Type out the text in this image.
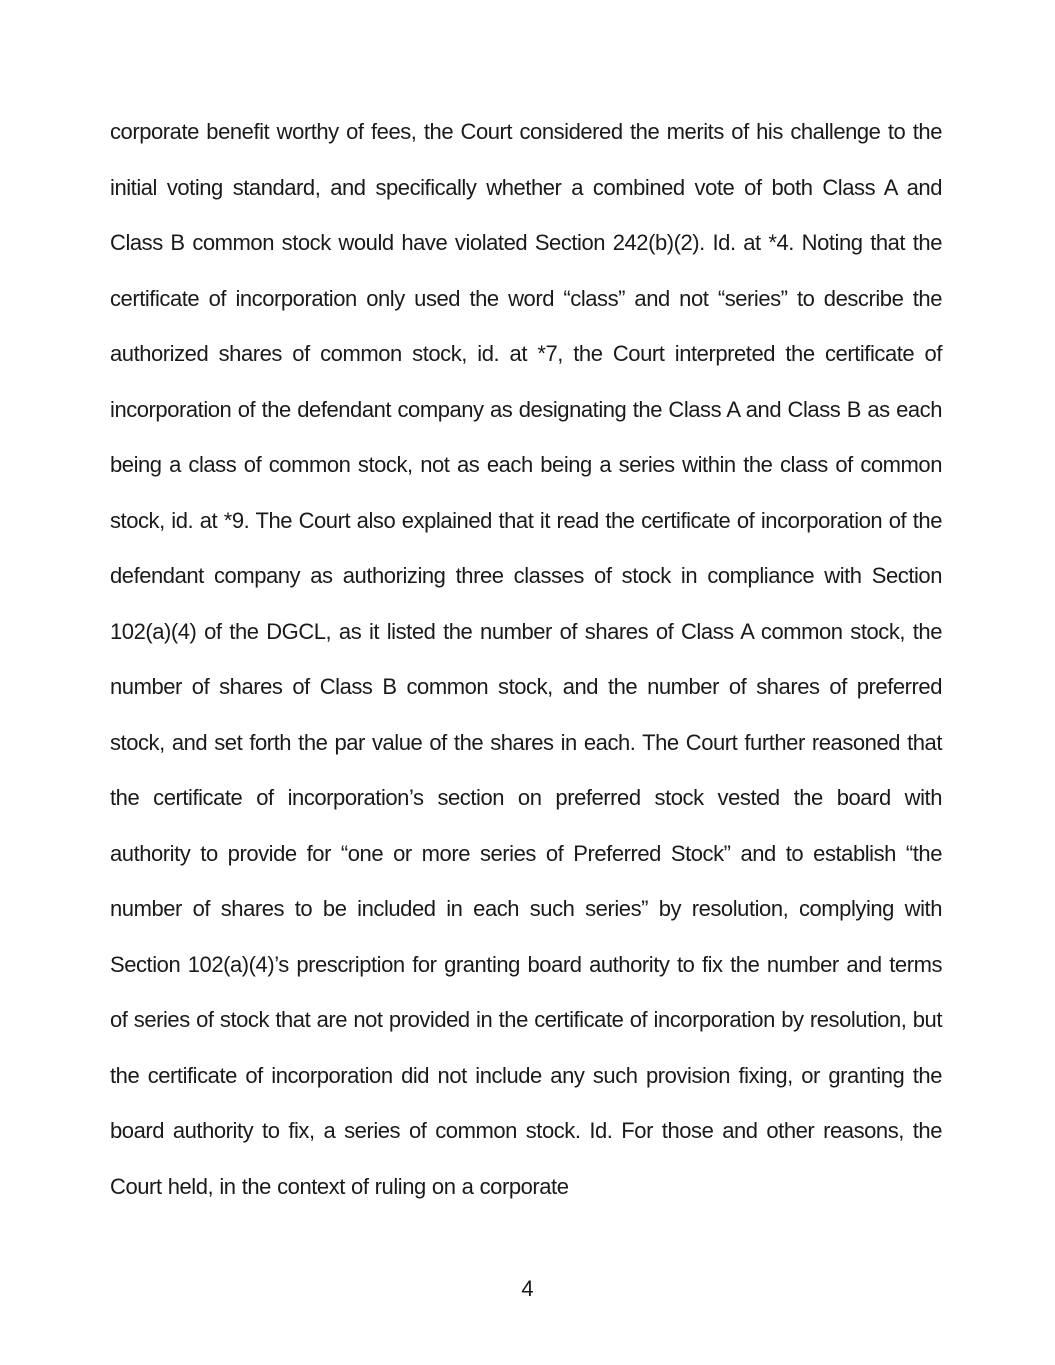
corporate benefit worthy of fees, the Court considered the merits of his challenge to the initial voting standard, and specifically whether a combined vote of both Class A and Class B common stock would have violated Section 242(b)(2). Id. at *4. Noting that the certificate of incorporation only used the word “class” and not “series” to describe the authorized shares of common stock, id. at *7, the Court interpreted the certificate of incorporation of the defendant company as designating the Class A and Class B as each being a class of common stock, not as each being a series within the class of common stock, id. at *9. The Court also explained that it read the certificate of incorporation of the defendant company as authorizing three classes of stock in compliance with Section 102(a)(4) of the DGCL, as it listed the number of shares of Class A common stock, the number of shares of Class B common stock, and the number of shares of preferred stock, and set forth the par value of the shares in each. The Court further reasoned that the certificate of incorporation’s section on preferred stock vested the board with authority to provide for “one or more series of Preferred Stock” and to establish “the number of shares to be included in each such series” by resolution, complying with Section 102(a)(4)’s prescription for granting board authority to fix the number and terms of series of stock that are not provided in the certificate of incorporation by resolution, but the certificate of incorporation did not include any such provision fixing, or granting the board authority to fix, a series of common stock. Id. For those and other reasons, the Court held, in the context of ruling on a corporate

4
